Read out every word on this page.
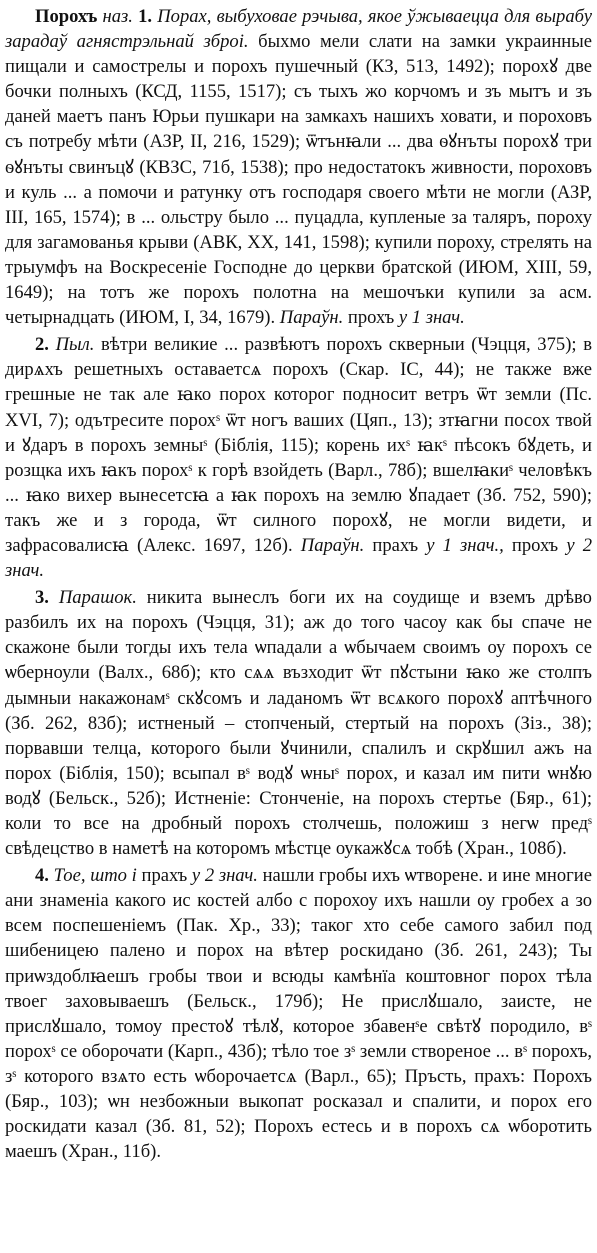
Порохъ наз. 1. Порах, выбуховае рэчыва, якое ўжываецца для вырабу зарадаў агнястрэльнай зброі. быхмо мели слати на замки украинные пищали и самострелы и порохъ пушечный (КЗ, 513, 1492); порохꙋ две бочки полныхъ (КСД, 1155, 1517); съ тыхъ жо корчомъ и зъ мытъ и зъ даней маетъ панъ Юрьи пушкари на замкахъ нашихъ ховати, и пороховъ съ потребу мѣти (АЗР, II, 216, 1529); ѿтънꙗли ... два ѳꙋнъты порохꙋ три ѳꙋнъты свинъцꙋ (КВЗС, 71б, 1538); про недостатокъ живности, пороховъ и куль ... а помочи и ратунку отъ господаря своего мѣти не могли (АЗР, III, 165, 1574); в ... ольстру было ... пуцадла, купленые за таляръ, пороху для загамованья крыви (АВК, XX, 141, 1598); купили пороху, стрелять на трыумфъ на Воскресеніе Господне до церкви братской (ИЮМ, XIII, 59, 1649); на тотъ же порохъ полотна на мешочъки купили за асм. четырнадцать (ИЮМ, I, 34, 1679). Параўн. прохъ у 1 знач.

2. Пыл. вѣтри великие ... развѣютъ порохъ скверныи (Чэцця, 375); в дирѧхъ решетныхъ оставаетсѧ порохъ (Скар. ІС, 44); не также вже грешные не так але ꙗко порох которог подносит ветръ ѿт земли (Пс. XVI, 7); одътресите порохˢ ѿт ногъ ваших (Цяп., 13); зтꙗгни посох твой и ꙋдаръ в порохъ земныˢ (Біблія, 115); корень ихˢ ꙗкˢ пѣсокъ бꙋдеть, и розщка ихъ ꙗкъ порохˢ к горѣ взойдеть (Варл., 78б); вшелꙗкиˢ человѣкъ ... ꙗко вихер вынесетсꙗ а ꙗк порохъ на землю ꙋпадает (Зб. 752, 590); такъ же и з города, ѿт силного порохꙋ, не могли видети, и зафрасовалисꙗ (Алекс. 1697, 12б). Параўн. прахъ у 1 знач., прохъ у 2 знач.

3. Парашок. никита вынеслъ боги их на соудище и вземъ дрѣво разбилъ их на порохъ (Чэцця, 31); аж до того часоу как бы спаче не скажоне были тогды ихъ тела ѡпадали а ѡбычаем своимъ оу порохъ се ѡберноули (Валх., 68б); кто сѧѧ възходит ѿт пꙋстыни ꙗко же столпъ дымныи накажонамˢ скꙋсомъ и ладаномъ ѿт всѧкого порохꙋ аптѣчного (Зб. 262, 83б); истненый – стопченый, стертый на порохъ (Зіз., 38); порвавши телца, которого были ꙋчинили, спалилъ и скрꙋшил ажъ на порох (Біблія, 150); всыпал вˢ водꙋ ѡныˢ порох, и казал им пити ѡнꙋю водꙋ (Бельск., 52б); Истненіе: Стонченіе, на порохъ стертье (Бяр., 61); коли то все на дробный порохъ столчешь, положиш з негѡ предˢ свѣдецство в наметѣ на которомъ мѣстце оукажꙋсѧ тобѣ (Хран., 108б).

4. Тое, што і прахъ у 2 знач. нашли гробы ихъ ѡтворене. и ине многие ани знаменіа какого ис костей албо с порохоу ихъ нашли оу гробех а зо всем поспешеніемъ (Пак. Хр., 33); таког хто себе самого забил под шибеницею палено и порох на вѣтер роскидано (Зб. 261, 243); Ты приѡздоблꙗешъ гробы твои и всюды камѣнїа коштовног порох тѣла твоег заховываешъ (Бельск., 179б); Не прислꙋшало, заисте, не прислꙋшало, томоу престоꙋ тѣлꙋ, которое збавенˢе свѣтꙋ породило, вˢ порохˢ се оборочати (Карп., 43б); тѣло тое зˢ земли створеное ... вˢ порохъ, зˢ которого взѧто есть ѡборочаетсѧ (Варл., 65); Пръсть, прахъ: Порохъ (Бяр., 103); ѡн незбожныи выкопат росказал и спалити, и порох его роскидати казал (Зб. 81, 52); Порохъ естесь и в порохъ сѧ ѡборотить маешъ (Хран., 11б).
